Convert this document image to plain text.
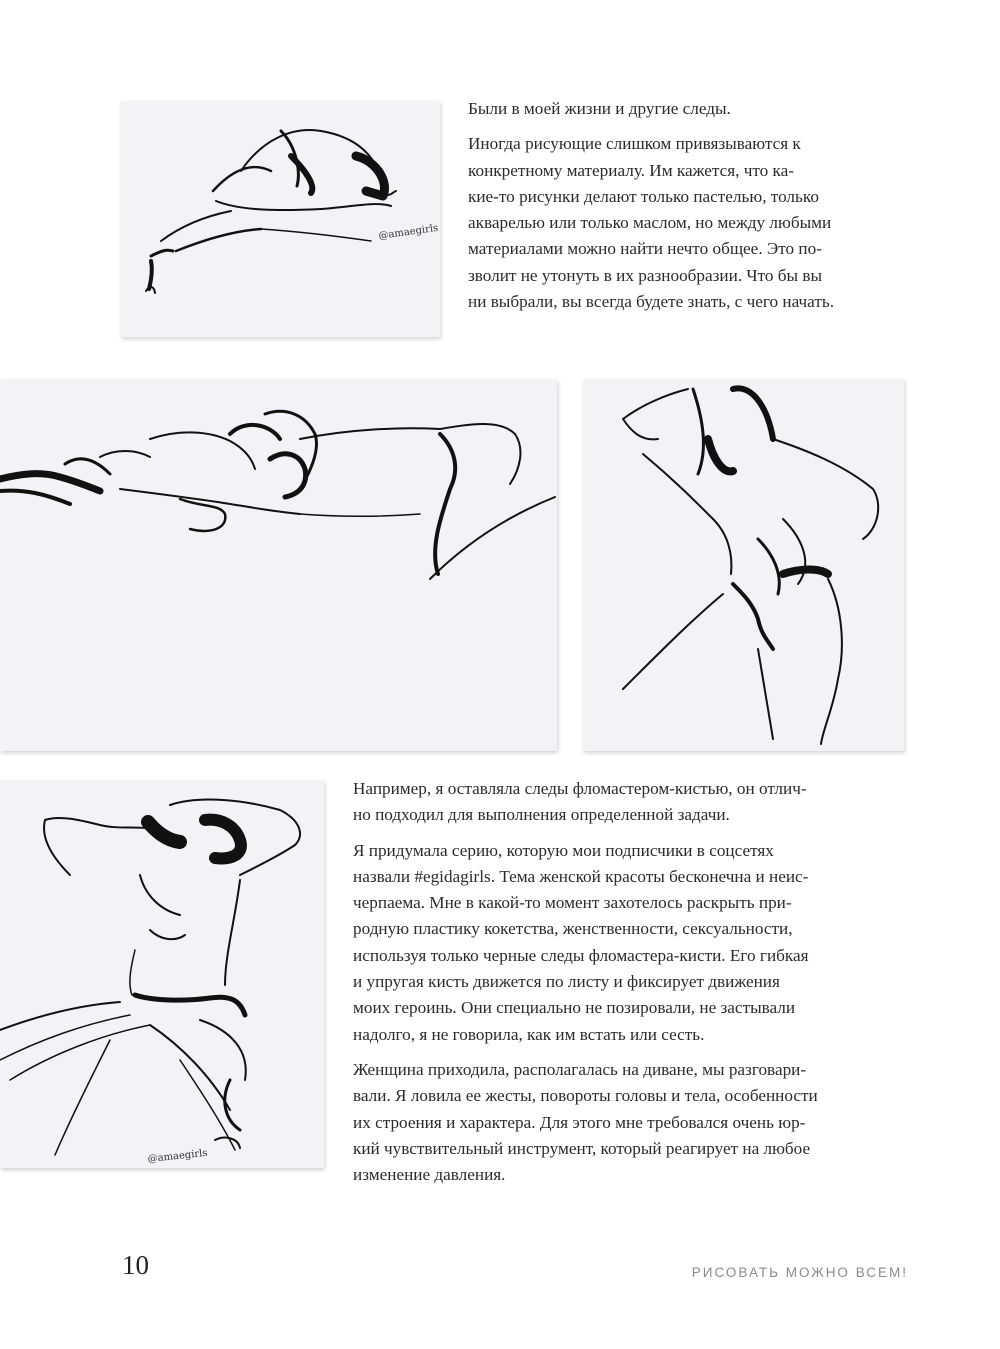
@amaegirls

Были в моей жизни и другие следы.

Иногда рисующие слишком привязываются к
конкретному материалу. Им кажется, что ка-
кие-то рисунки делают только пастелью, только
акварелью или только маслом, но между любыми
материалами можно найти нечто общее. Это по-
зволит не утонуть в их разнообразии. Что бы вы
ни выбрали, вы всегда будете знать, с чего начать.

@amaegirls

Например, я оставляла следы фломастером-кистью, он отлич-
но подходил для выполнения определенной задачи.

Я придумала серию, которую мои подписчики в соцсетях
назвали #egidagirls. Тема женской красоты бесконечна и неис-
черпаема. Мне в какой-то момент захотелось раскрыть при-
родную пластику кокетства, женственности, сексуальности,
используя только черные следы фломастера-кисти. Его гибкая
и упругая кисть движется по листу и фиксирует движения
моих героинь. Они специально не позировали, не застывали
надолго, я не говорила, как им встать или сесть.

Женщина приходила, располагалась на диване, мы разговари-
вали. Я ловила ее жесты, повороты головы и тела, особенности
их строения и характера. Для этого мне требовался очень юр-
кий чувствительный инструмент, который реагирует на любое
изменение давления.

10	РИСОВАТЬ МОЖНО ВСЕМ!
